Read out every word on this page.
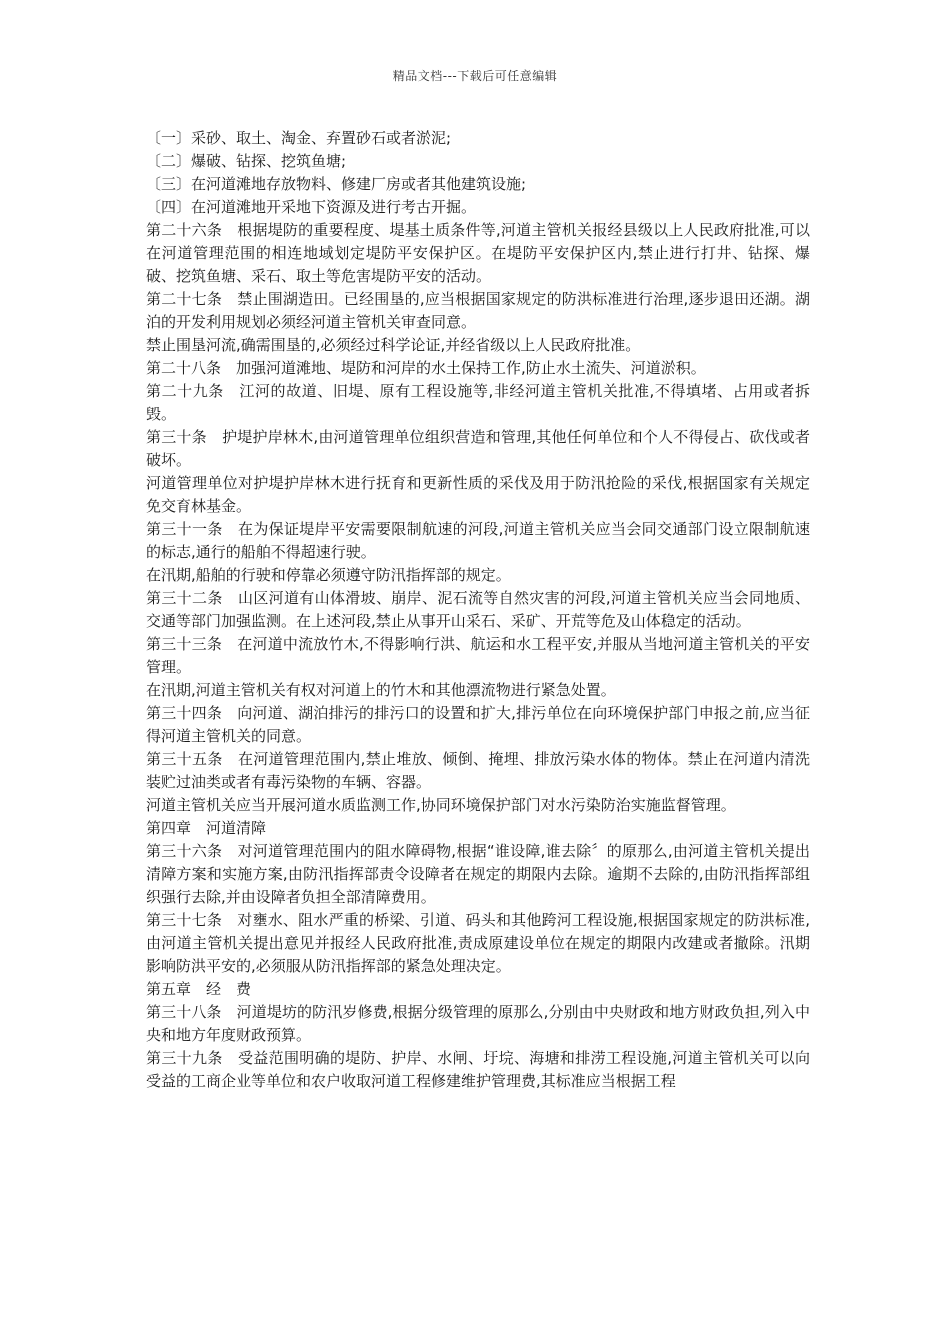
精品文档---下载后可任意编辑

〔一〕采砂、取土、淘金、弃置砂石或者淤泥;

〔二〕爆破、钻探、挖筑鱼塘;

〔三〕在河道滩地存放物料、修建厂房或者其他建筑设施;

〔四〕在河道滩地开采地下资源及进行考古开掘。

第二十六条　根据堤防的重要程度、堤基土质条件等,河道主管机关报经县级以上人民政府批准,可以在河道管理范围的相连地域划定堤防平安保护区。在堤防平安保护区内,禁止进行打井、钻探、爆破、挖筑鱼塘、采石、取土等危害堤防平安的活动。

第二十七条　禁止围湖造田。已经围垦的,应当根据国家规定的防洪标准进行治理,逐步退田还湖。湖泊的开发利用规划必须经河道主管机关审查同意。

禁止围垦河流,确需围垦的,必须经过科学论证,并经省级以上人民政府批准。

第二十八条　加强河道滩地、堤防和河岸的水土保持工作,防止水土流失、河道淤积。

第二十九条　江河的故道、旧堤、原有工程设施等,非经河道主管机关批准,不得填堵、占用或者拆毁。

第三十条　护堤护岸林木,由河道管理单位组织营造和管理,其他任何单位和个人不得侵占、砍伐或者破坏。

河道管理单位对护堤护岸林木进行抚育和更新性质的采伐及用于防汛抢险的采伐,根据国家有关规定免交育林基金。

第三十一条　在为保证堤岸平安需要限制航速的河段,河道主管机关应当会同交通部门设立限制航速的标志,通行的船舶不得超速行驶。

在汛期,船舶的行驶和停靠必须遵守防汛指挥部的规定。

第三十二条　山区河道有山体滑坡、崩岸、泥石流等自然灾害的河段,河道主管机关应当会同地质、交通等部门加强监测。在上述河段,禁止从事开山采石、采矿、开荒等危及山体稳定的活动。

第三十三条　在河道中流放竹木,不得影响行洪、航运和水工程平安,并服从当地河道主管机关的平安管理。

在汛期,河道主管机关有权对河道上的竹木和其他漂流物进行紧急处置。

第三十四条　向河道、湖泊排污的排污口的设置和扩大,排污单位在向环境保护部门申报之前,应当征得河道主管机关的同意。

第三十五条　在河道管理范围内,禁止堆放、倾倒、掩埋、排放污染水体的物体。禁止在河道内清洗装贮过油类或者有毒污染物的车辆、容器。

河道主管机关应当开展河道水质监测工作,协同环境保护部门对水污染防治实施监督管理。

第四章　河道清障

第三十六条　对河道管理范围内的阻水障碍物,根据“谁设障,谁去除〞的原那么,由河道主管机关提出清障方案和实施方案,由防汛指挥部责令设障者在规定的期限内去除。逾期不去除的,由防汛指挥部组织强行去除,并由设障者负担全部清障费用。

第三十七条　对壅水、阻水严重的桥梁、引道、码头和其他跨河工程设施,根据国家规定的防洪标准,由河道主管机关提出意见并报经人民政府批准,责成原建设单位在规定的期限内改建或者撤除。汛期影响防洪平安的,必须服从防汛指挥部的紧急处理决定。

第五章　经　费

第三十八条　河道堤坊的防汛岁修费,根据分级管理的原那么,分别由中央财政和地方财政负担,列入中央和地方年度财政预算。

第三十九条　受益范围明确的堤防、护岸、水闸、圩垸、海塘和排涝工程设施,河道主管机关可以向受益的工商企业等单位和农户收取河道工程修建维护管理费,其标准应当根据工程
